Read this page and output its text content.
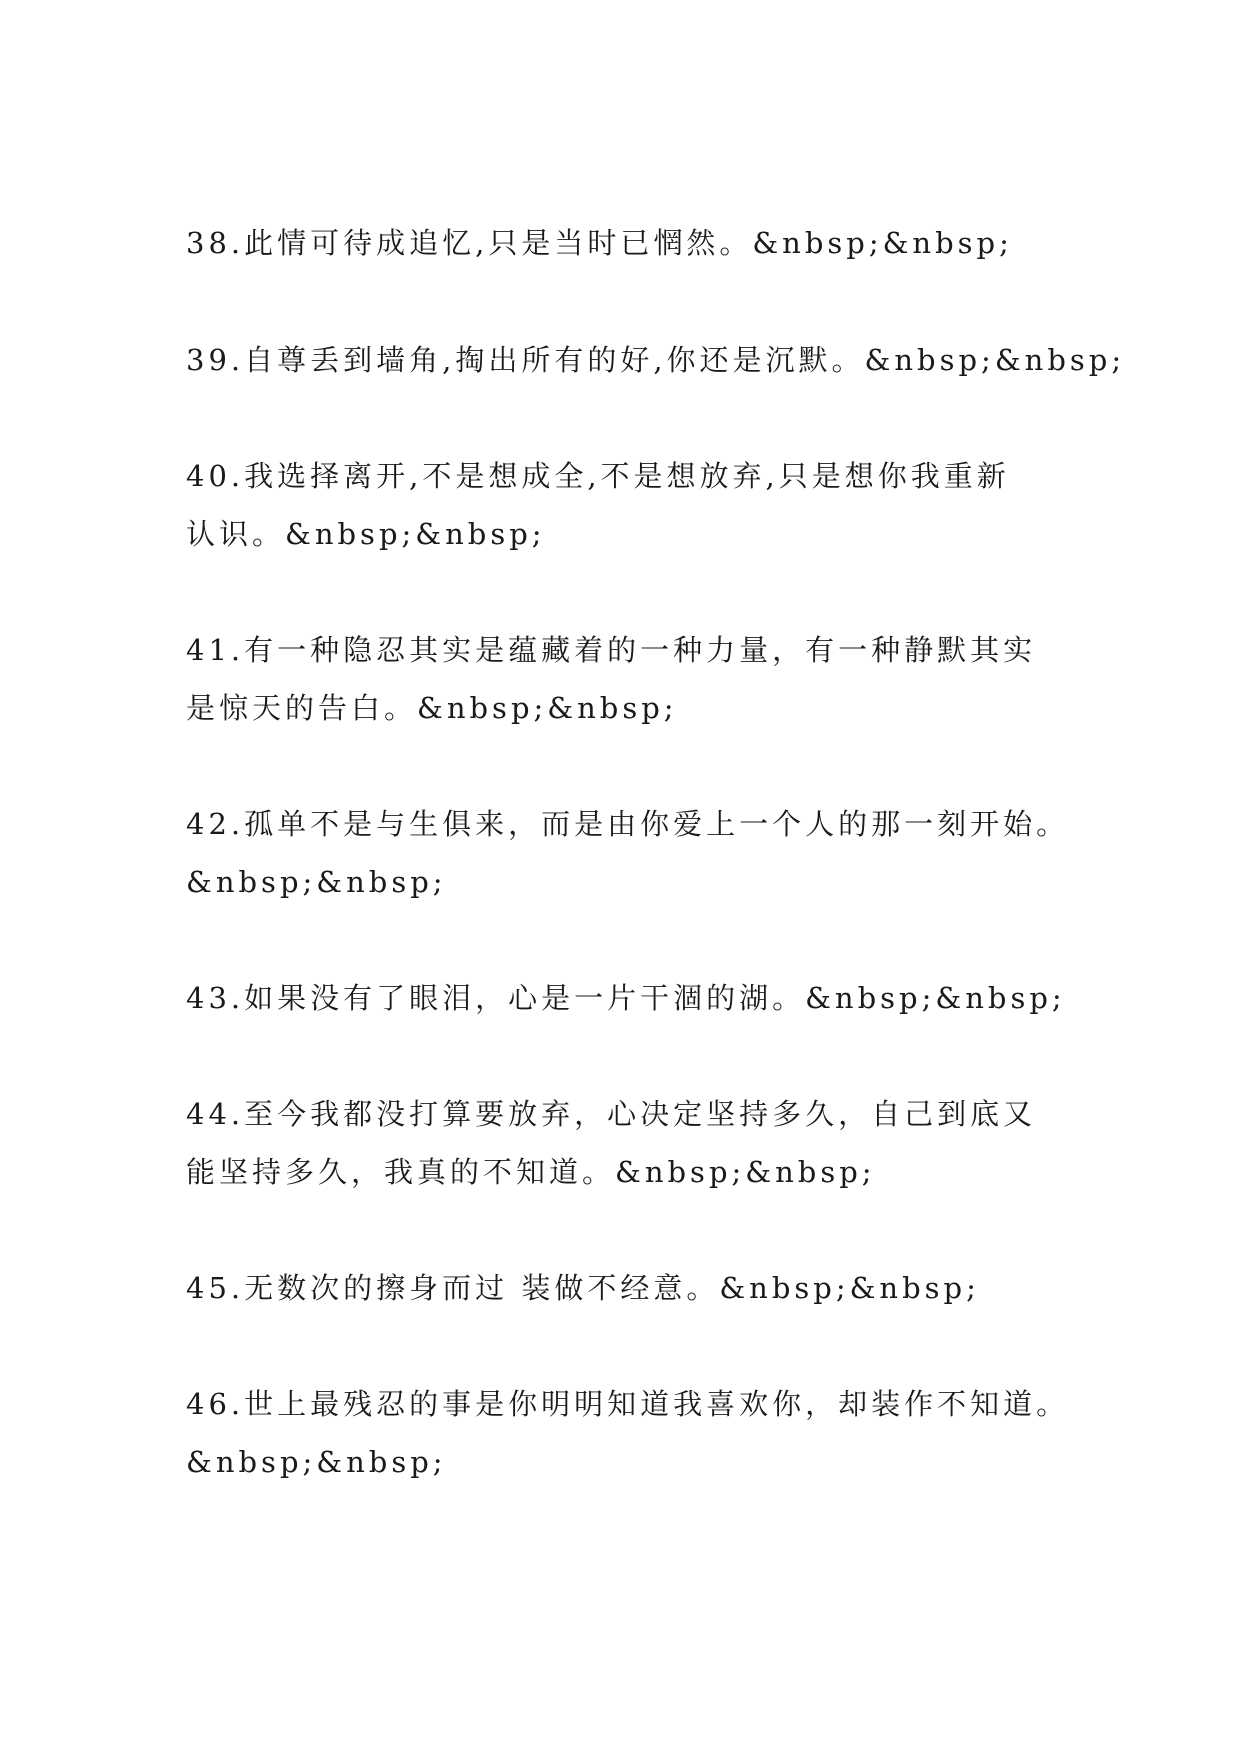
38.此情可待成追忆,只是当时已惘然。&nbsp;&nbsp;

39.自尊丢到墙角,掏出所有的好,你还是沉默。&nbsp;&nbsp;

40.我选择离开,不是想成全,不是想放弃,只是想你我重新

认识。&nbsp;&nbsp;

41.有一种隐忍其实是蕴藏着的一种力量，有一种静默其实

是惊天的告白。&nbsp;&nbsp;

42.孤单不是与生俱来，而是由你爱上一个人的那一刻开始。

&nbsp;&nbsp;

43.如果没有了眼泪，心是一片干涸的湖。&nbsp;&nbsp;

44.至今我都没打算要放弃，心决定坚持多久，自己到底又

能坚持多久，我真的不知道。&nbsp;&nbsp;

45.无数次的擦身而过 装做不经意。&nbsp;&nbsp;

46.世上最残忍的事是你明明知道我喜欢你，却装作不知道。

&nbsp;&nbsp;
